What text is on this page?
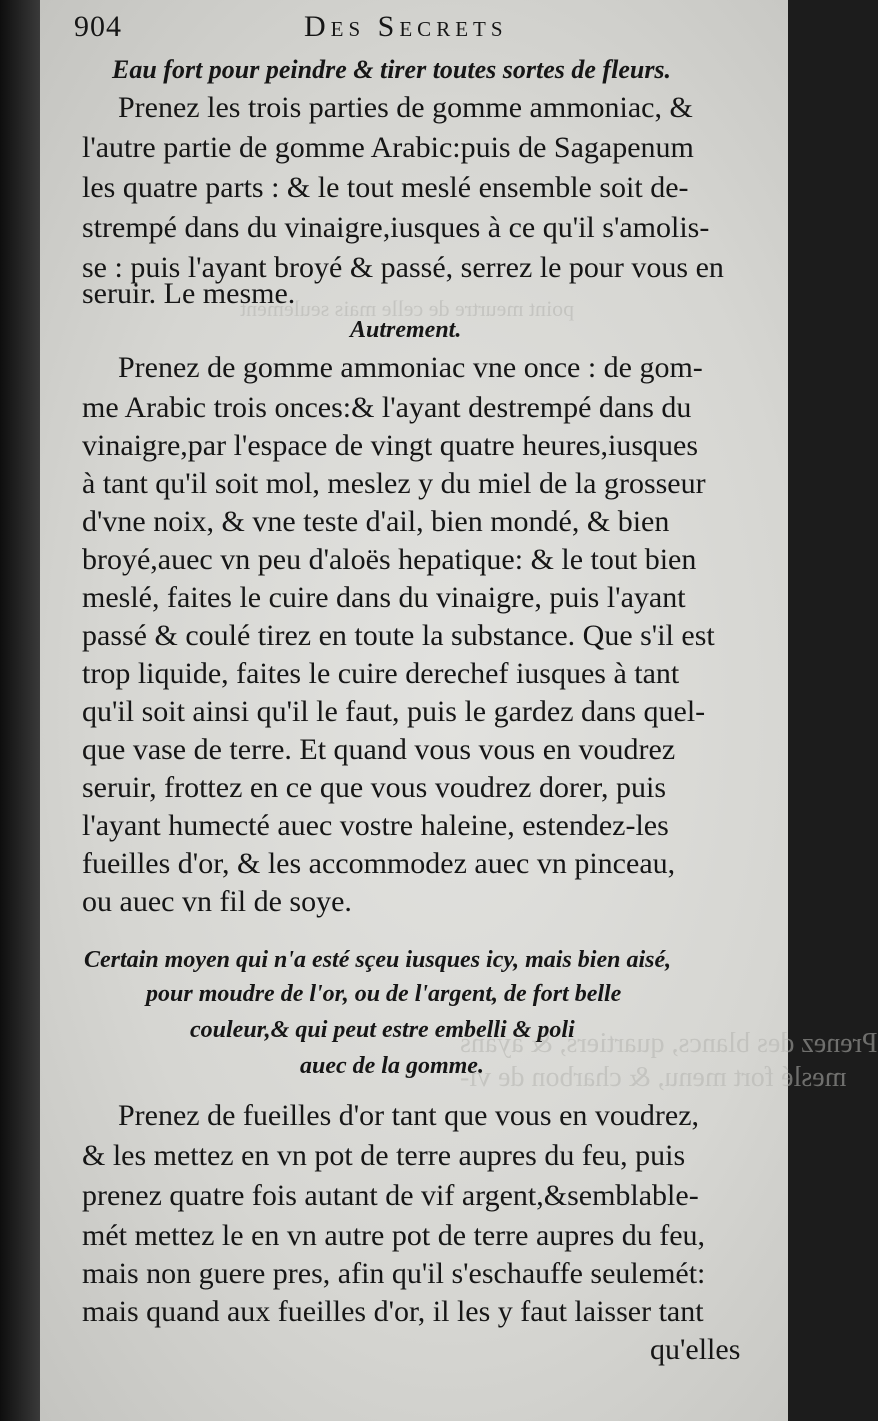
Prenez des blancs, quartiers, & ayans
meslé fort menu, & charbon de vi-
point meurtre de celle mais seulement
904	Des Secrets
Eau fort pour peindre & tirer toutes sortes de fleurs.
Prenez les trois parties de gomme ammoniac, &
l'autre partie de gomme Arabic:puis de Sagapenum
les quatre parts : & le tout meslé ensemble soit de-
strempé dans du vinaigre,iusques à ce qu'il s'amolis-
se : puis l'ayant broyé & passé, serrez le pour vous en
seruir. Le mesme.
Autrement.
Prenez de gomme ammoniac vne once : de gom-
me Arabic trois onces:& l'ayant destrempé dans du
vinaigre,par l'espace de vingt quatre heures,iusques
à tant qu'il soit mol, meslez y du miel de la grosseur
d'vne noix, & vne teste d'ail, bien mondé, & bien
broyé,auec vn peu d'aloës hepatique: & le tout bien
meslé, faites le cuire dans du vinaigre, puis l'ayant
passé & coulé tirez en toute la substance. Que s'il est
trop liquide, faites le cuire derechef iusques à tant
qu'il soit ainsi qu'il le faut, puis le gardez dans quel-
que vase de terre. Et quand vous vous en voudrez
seruir, frottez en ce que vous voudrez dorer, puis
l'ayant humecté auec vostre haleine, estendez-les
fueilles d'or, & les accommodez auec vn pinceau,
ou auec vn fil de soye.
Certain moyen qui n'a esté sçeu iusques icy, mais bien aisé,
pour moudre de l'or, ou de l'argent, de fort belle
couleur,& qui peut estre embelli & poli
auec de la gomme.
Prenez de fueilles d'or tant que vous en voudrez,
& les mettez en vn pot de terre aupres du feu, puis
prenez quatre fois autant de vif argent,&semblable-
mét mettez le en vn autre pot de terre aupres du feu,
mais non guere pres, afin qu'il s'eschauffe seulemét:
mais quand aux fueilles d'or, il les y faut laisser tant
qu'elles
